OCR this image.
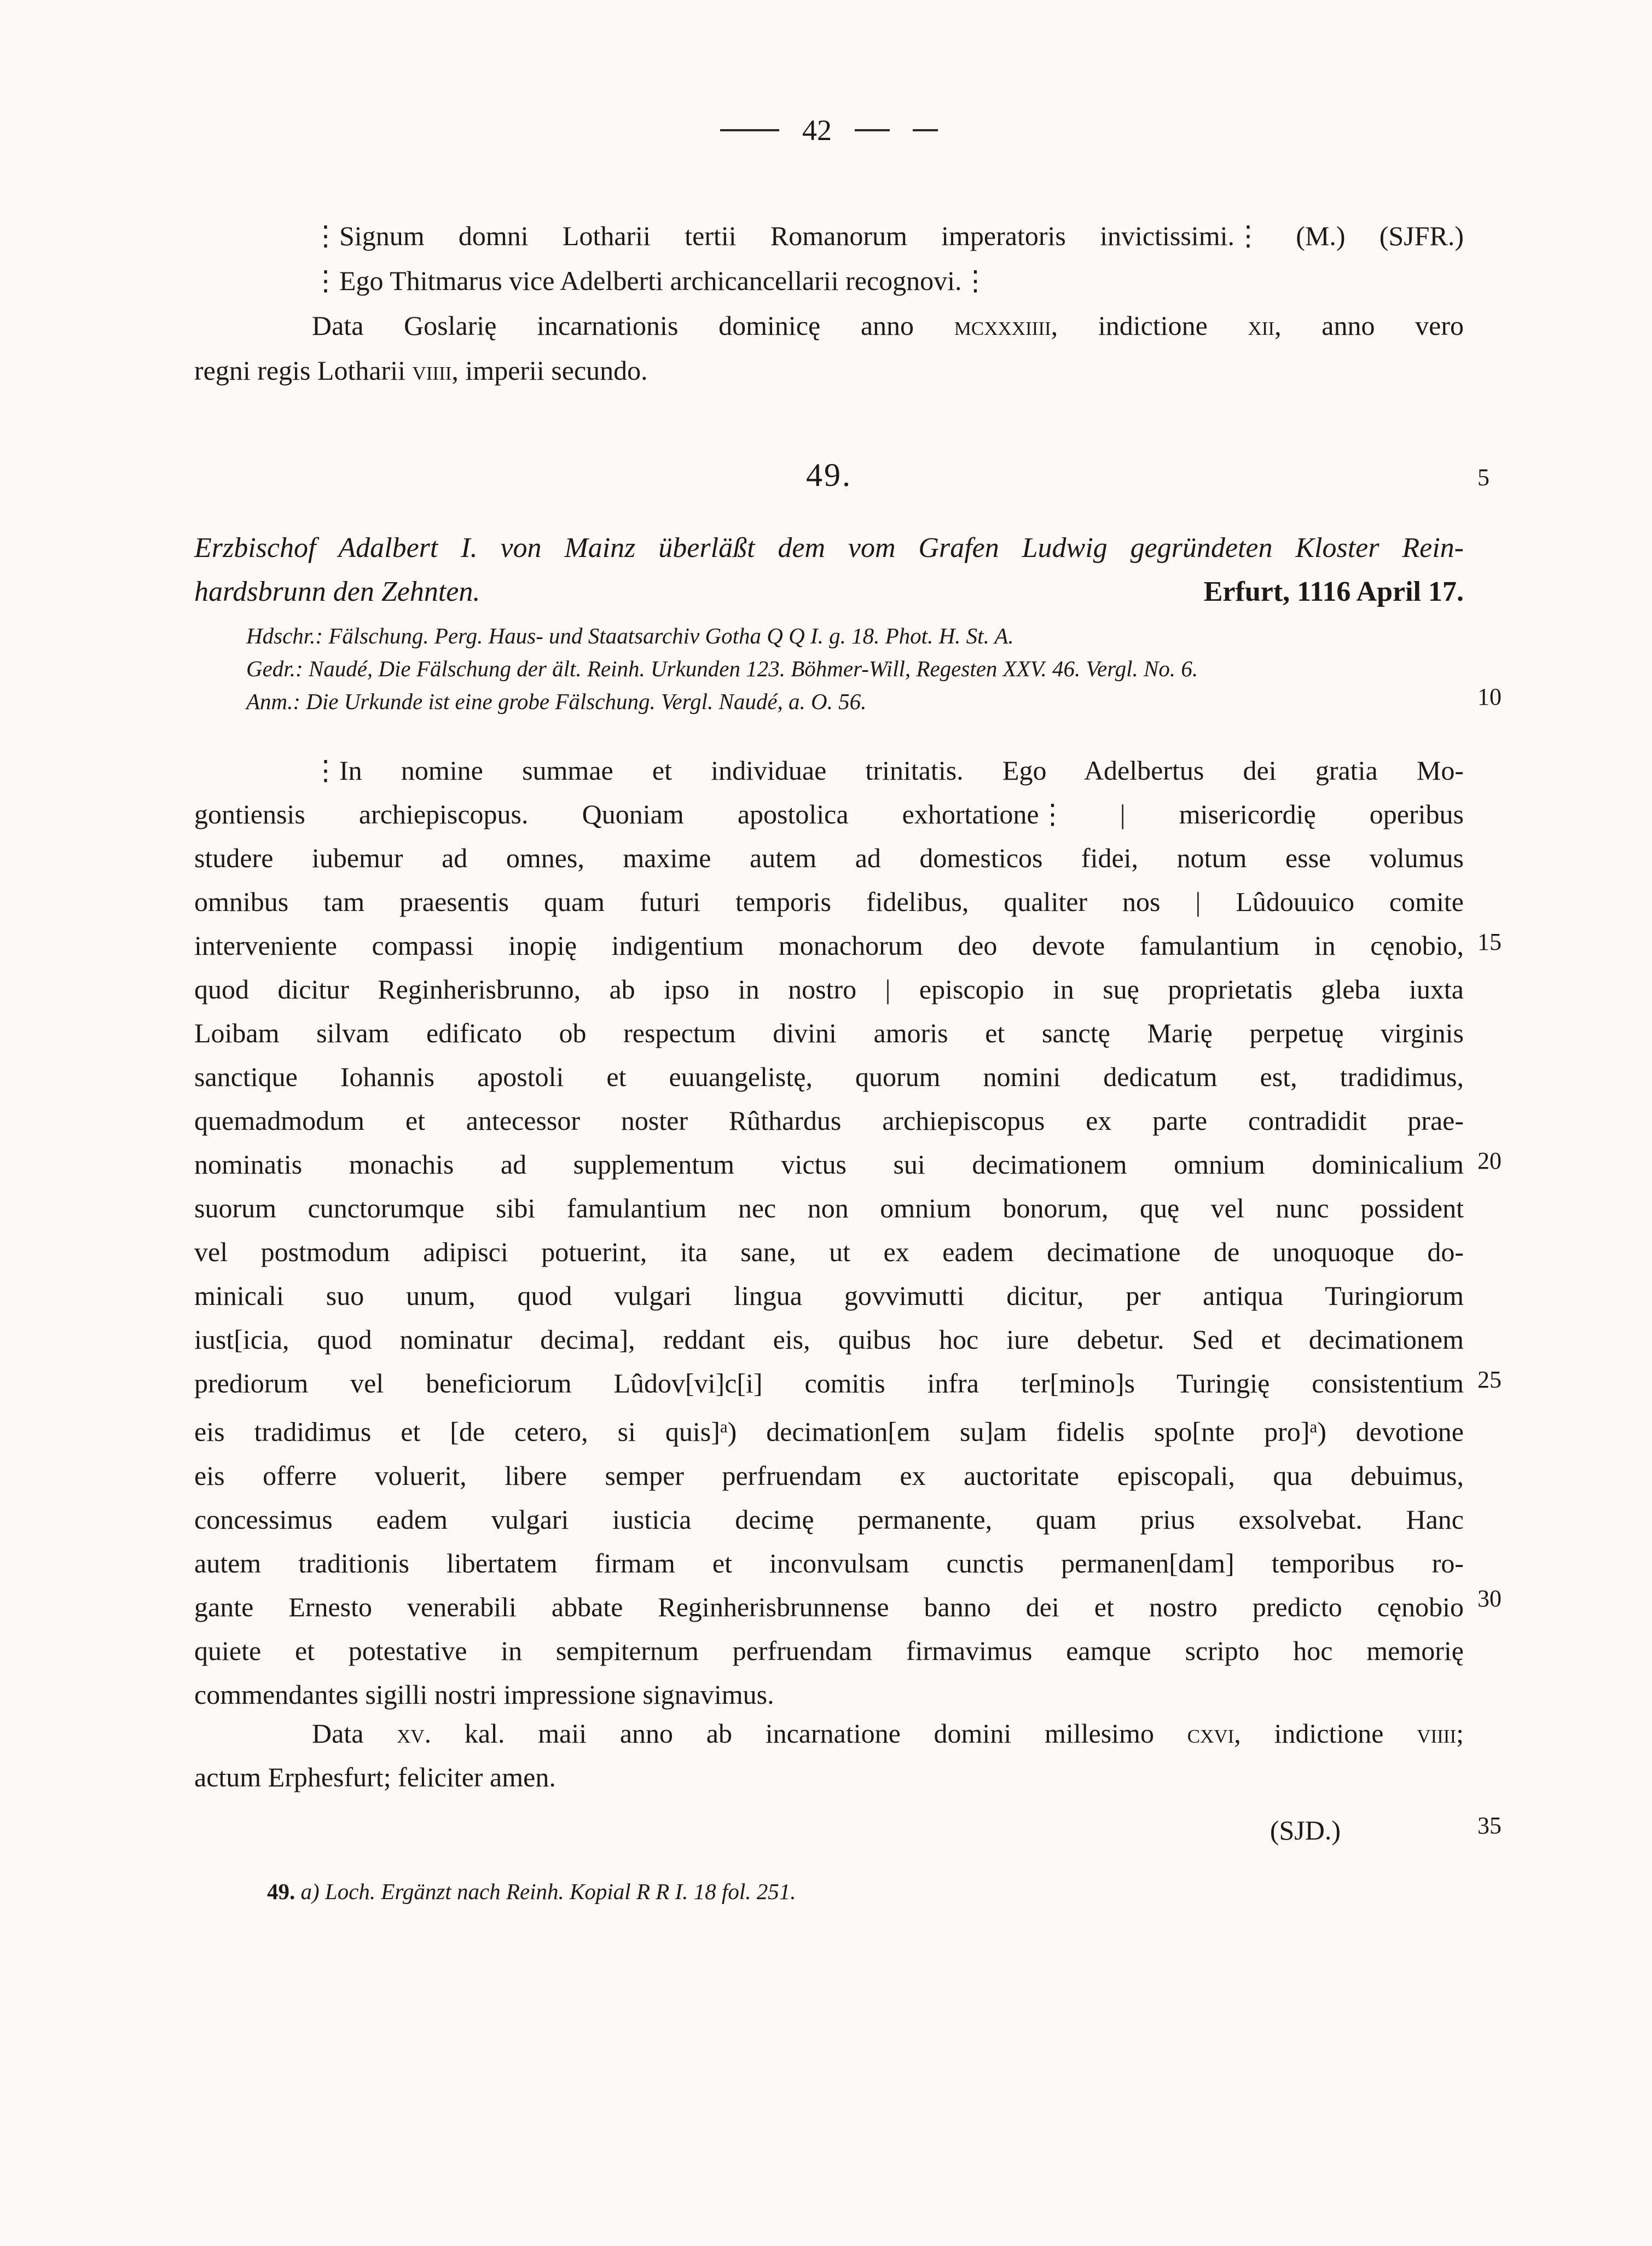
42
⋮Signum domni Lotharii tertii Romanorum imperatoris invictissimi.⋮ (M.) (SJFR.)
⋮Ego Thitmarus vice Adelberti archicancellarii recognovi.⋮
Data Goslarię incarnationis dominicę anno mcxxxiiii, indictione xii, anno vero
regni regis Lotharii viiii, imperii secundo.
49.
Erzbischof Adalbert I. von Mainz überläßt dem vom Grafen Ludwig gegründeten Kloster Rein-
hardsbrunn den Zehnten.	Erfurt, 1116 April 17.
Hdschr.: Fälschung. Perg. Haus- und Staatsarchiv Gotha Q Q I. g. 18. Phot. H. St. A.
Gedr.: Naudé, Die Fälschung der ält. Reinh. Urkunden 123. Böhmer-Will, Regesten XXV. 46. Vergl. No. 6.
Anm.: Die Urkunde ist eine grobe Fälschung. Vergl. Naudé, a. O. 56.
⋮In nomine summae et individuae trinitatis. Ego Adelbertus dei gratia Mo-
gontiensis archiepiscopus. Quoniam apostolica exhortatione⋮ | misericordię operibus
studere iubemur ad omnes, maxime autem ad domesticos fidei, notum esse volumus
omnibus tam praesentis quam futuri temporis fidelibus, qualiter nos | Lûdouuico comite
interveniente compassi inopię indigentium monachorum deo devote famulantium in cęnobio,
quod dicitur Reginherisbrunno, ab ipso in nostro | episcopio in suę proprietatis gleba iuxta
Loibam silvam edificato ob respectum divini amoris et sanctę Marię perpetuę virginis
sanctique Iohannis apostoli et euuangelistę, quorum nomini dedicatum est, tradidimus,
quemadmodum et antecessor noster Rûthardus archiepiscopus ex parte contradidit prae-
nominatis monachis ad supplementum victus sui decimationem omnium dominicalium
suorum cunctorumque sibi famulantium nec non omnium bonorum, quę vel nunc possident
vel postmodum adipisci potuerint, ita sane, ut ex eadem decimatione de unoquoque do-
minicali suo unum, quod vulgari lingua govvimutti dicitur, per antiqua Turingiorum
iust[icia, quod nominatur decima], reddant eis, quibus hoc iure debetur. Sed et decimationem
prediorum vel beneficiorum Lûdov[vi]c[i] comitis infra ter[mino]s Turingię consistentium
eis tradidimus et [de cetero, si quis]$^a$) decimation[em su]am fidelis spo[nte pro]$^a$) devotione
eis offerre voluerit, libere semper perfruendam ex auctoritate episcopali, qua debuimus,
concessimus eadem vulgari iusticia decimę permanente, quam prius exsolvebat. Hanc
autem traditionis libertatem firmam et inconvulsam cunctis permanen[dam] temporibus ro-
gante Ernesto venerabili abbate Reginherisbrunnense banno dei et nostro predicto cęnobio
quiete et potestative in sempiternum perfruendam firmavimus eamque scripto hoc memorię
commendantes sigilli nostri impressione signavimus.
Data xv. kal. maii anno ab incarnatione domini millesimo cxvi, indictione viiii;
actum Erphesfurt; feliciter amen.
(SJD.)
49. a) Loch. Ergänzt nach Reinh. Kopial R R I. 18 fol. 251.
5
10
15
20
25
30
35
